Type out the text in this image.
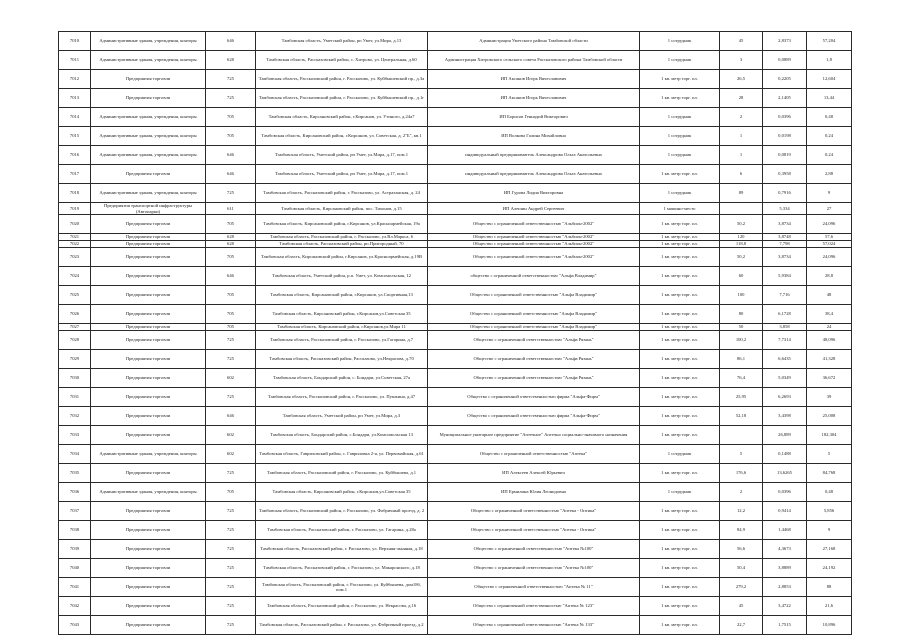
7010	Административные здания, учреждения, конторы	646	Тамбовская область, Уметский район, рп Умет, ул.Мира, д.13	Администрация Уметского района Тамбовской области	1 сотрудник	45	2,8373	57,204
7011	Административные здания, учреждения, конторы	628	Тамбовская область, Рассказовский район, с. Хитрово, ул. Центральная, д.60	Администрация Хитровского сельского совета Рассказовского района Тамбовской области	1 сотрудник	3	0,0889	1,8
7012	Предприятия торговли	725	Тамбовская область, Рассказовский район, г. Рассказово, ул. Куйбышевский пр., д.3а	ИП Аксанов Игорь Вячеславович	1 кв. метр торг. пл.	26,5	0,2205	12,604
7013	Предприятия торговли	725	Тамбовская область, Рассказовский район, г. Рассказово, ул. Куйбышевский пр., д.1г	ИП Аксанов Игорь Вячеславович	1 кв. метр торг. пл.	28	2,1405	13,44
7014	Административные здания, учреждения, конторы	705	Тамбовская область, Кирсановский район, г.Кирсанов, ул. Утиного, д.24а7	ИП Борисов Геннадий Викторович	1 сотрудник	2	0,0396	0,48
7015	Административные здания, учреждения, конторы	705	Тамбовская область, Кирсановский район, г.Кирсанов, ул. Советская, д. 2"Б", кв.1	ИП Волкова Галина Михайловна	1 сотрудник	1	0,0198	0,24
7016	Административные здания, учреждения, конторы	646	Тамбовская область, Уметский район, рп Умет, ул.Мира, д.17, пом.1	индивидуальный предприниматель Александрова Ольга Анатольевна	1 сотрудник	1	0,0819	0,24
7017	Предприятия торговли	646	Тамбовская область, Уметский район, рп Умет, ул.Мира, д.17, пом.1	индивидуальный предприниматель Александрова Ольга Анатольевна	1 кв. метр торг. пл.	6	0,3958	2,88
7018	Административные здания, учреждения, конторы	725	Тамбовская область, Рассказовский район, г. Рассказово, ул. Астраханская, д. 24	ИП Гурова Лидия Викторовна	1 сотрудник	89	0,7916	9
7019	Предприятия транспортной инфраструктуры (Автопарки)	611	Тамбовская область, Кирсановский район, пос. Тихонов, д.15	ИП Алешин Андрей Сергеевич	1 машино-место		5,334	27
7020	Предприятия торговли	705	Тамбовская область, Кирсановский район, г.Кирсанов, ул.Красноармейская, 19а	Общество с ограниченной ответственностью "Альбион-2002"	1 кв. метр торг. пл.	50,2	3,8734	24,096
7021	Предприятия торговли	628	Тамбовская область, Рассказовский район, г. Рассказово, ул.Вл.Маркса, 6	Общество с ограниченной ответственностью "Альбион-2002"	1 кв. метр торг. пл.	120	3,8748	57,6
7022	Предприятия торговли	628	Тамбовская область, Рассказовский район, рп.Пригородный, 70	Общество с ограниченной ответственностью "Альбион-2002"	1 кв. метр торг. пл.	118,8	7,798	57,024
7023	Предприятия торговли	705	Тамбовская область, Кирсановский район, г.Кирсанов, ул.Красноармейская, д.19В	Общество с ограниченной ответственностью "Альбион-2002"	1 кв. метр торг. пл.	50,2	3,8734	24,096
7024	Предприятия торговли	646	Тамбовская область, Уметский район, р.п. Умет, ул. Комсомольская, 12	общество с ограниченной ответственностью "Альфа Владимир"	1 кв. метр торг. пл.	60	5,9384	28,8
7025	Предприятия торговли	705	Тамбовская область, Кирсановский район, г.Кирсанов, ул.Спортивная,13	Общество с ограниченной ответственностью "Альфа Владимир"	1 кв. метр торг. пл.	100	7,716	48
7026	Предприятия торговли	705	Тамбовская область, Кирсановский район, г.Кирсанов,ул.Советская 35	Общество с ограниченной ответственностью "Альфа Владимир"	1 кв. метр торг. пл.	80	6,1728	38,4
7027	Предприятия торговли	705	Тамбовская область, Кирсановский район, г.Кирсанов,ул.Мира 11	Общество с ограниченной ответственностью "Альфа Владимир"	1 кв. метр торг. пл.	50	3,858	24
7028	Предприятия торговли	725	Тамбовская область, Рассказовский район, г. Рассказово, ул.Гагарина, д.7	Общество с ограниченной ответственностью "Альфа Рязань"	1 кв. метр торг. пл.	100,2	7,7314	48,096
7029	Предприятия торговли	725	Тамбовская область, Рассказовский район, Рассказово, ул.Некрасова, д.70	Общество с ограниченной ответственностью "Альфа Рязань"	1 кв. метр торг. пл.	86,1	6,6435	41,328
7030	Предприятия торговли	602	Тамбовская область, Бондарский район, с. Бондари, ул.Советская, 27а	Общество с ограниченной ответственностью "Альфа Рязань"	1 кв. метр торг. пл.	76,4	5,0349	36,672
7031	Предприятия торговли	725	Тамбовская область, Рассказовский район, г. Рассказово, ул. Пушкина, д.47	Общество с ограниченной ответственностью фирма "Альфа-Фирм"	1 кв. метр торг. пл.	25,95	6,2693	39
7032	Предприятия торговли	646	Тамбовская область, Уметский район, рп Умет, ул.Мира, д.3	Общество с ограниченной ответственностью фирма "Альфа-Фирм"	1 кв. метр торг. пл.	52,18	3,4398	25,008
7033	Предприятия торговли	602	Тамбовская область, Бондарский район, с.Бондари, ул.Комсомольская 13	Муниципальное унитарное предприятие "Аптечное" Аптечно социально-значимого назначения	1 кв. метр торг. пл.		26,889	182,304
7034	Административные здания, учреждения, конторы	602	Тамбовская область, Гавриловский район, с. Гавриловка 2-я, ул. Первомайская, д.61	Общество с ограниченной ответственностью "Аптека"	1 сотрудник	5	0,1488	5
7035	Предприятия торговли	725	Тамбовская область, Рассказовский район, г. Рассказово, ул. Куйбышева, д.1	ИП Алексеев Алексей Юрьевич	1 кв. метр торг. пл.	176,6	13,6265	84,768
7036	Административные здания, учреждения, конторы	705	Тамбовская область, Кирсановский район, г.Кирсанов,ул.Советская 35	ИП Ермилина Юлия Леонидовна	1 сотрудник	2	0,0396	0,48
7037	Предприятия торговли	725	Тамбовская область, Рассказовский район, г. Рассказово, ул. Фабричный проезд, д. 2	Общество с ограниченной ответственностью "Аптека - Оптика"	1 кв. метр торг. пл.	12,2	0,9414	5,856
7038	Предприятия торговли	725	Тамбовская область, Рассказовский район, г. Рассказово, ул. Гагарина, д.28а	Общество с ограниченной ответственностью "Аптека - Оптика"	1 кв. метр торг. пл.	84,9	1,4468	9
7039	Предприятия торговли	725	Тамбовская область, Рассказовский район, г. Рассказово, ул. Верхняя-льняная, д.18	Общество с ограниченной ответственностью "Аптека №100"	1 кв. метр торг. пл.	56,6	4,3673	27,168
7040	Предприятия торговли	725	Тамбовская область, Рассказовский район, г. Рассказово, ул. Макаронского, д.18	Общество с ограниченной ответственностью "Аптека №100"	1 кв. метр торг. пл.	50,4	3,8889	24,192
7041	Предприятия торговли	725	Тамбовская область, Рассказовский район, г. Рассказово, ул. Куйбышева, дом18б, пом.1	Общество с ограниченной ответственностью "Аптека № 11"	1 кв. метр торг. пл.	279,2	2,8853	88
7042	Предприятия торговли	725	Тамбовская область, Рассказовский район, г. Рассказово, ул. Некрасова, д.16	Общество с ограниченной ответственностью "Аптека № 123"	1 кв. метр торг. пл.	45	3,4722	21,6
7043	Предприятия торговли	725	Тамбовская область, Рассказовский район, г. Рассказово, ул. Фабричный проезд, д.2	Общество с ограниченной ответственностью "Аптека № 133"	1 кв. метр торг. пл.	22,7	1,7515	10,896
